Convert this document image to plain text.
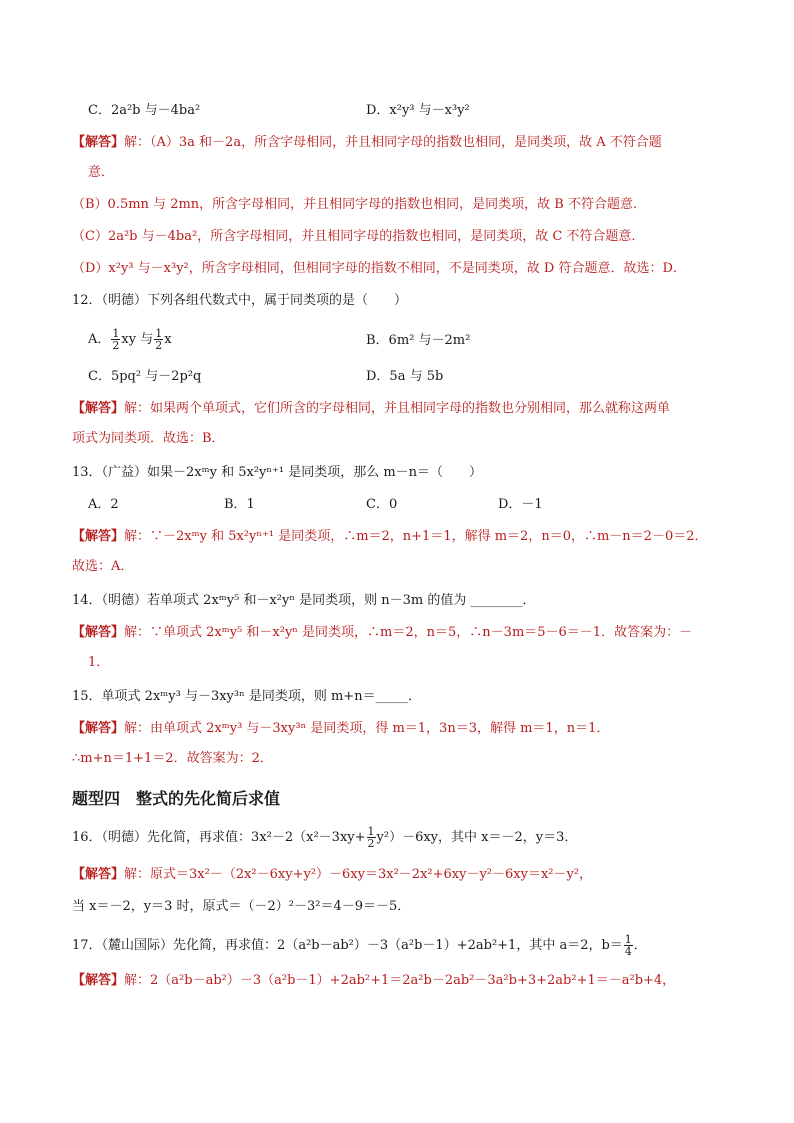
C．2a²b 与－4ba²	D．x²y³ 与－x³y²
【解答】解：（A）3a 和－2a，所含字母相同，并且相同字母的指数也相同，是同类项，故 A 不符合题
意．
（B）0.5mn 与 2mn，所含字母相同，并且相同字母的指数也相同，是同类项，故 B 不符合题意．
（C）2a²b 与－4ba²，所含字母相同，并且相同字母的指数也相同，是同类项，故 C 不符合题意．
（D）x²y³ 与－x³y²，所含字母相同，但相同字母的指数不相同，不是同类项，故 D 符合题意．故选：D．
12．（明德）下列各组代数式中，属于同类项的是（　　）
A． $\frac{1}{2}$ xy 与 $\frac{1}{2}$ x	B．6m² 与－2m²
C．5pq² 与－2p²q	D．5a 与 5b
【解答】解：如果两个单项式，它们所含的字母相同，并且相同字母的指数也分别相同，那么就称这两单
项式为同类项．故选：B．
13．（广益）如果－2xᵐy 和 5x²yⁿ⁺¹ 是同类项，那么 m－n＝（　　）
A．2	B．1	C．0	D．－1
【解答】解：∵－2xᵐy 和 5x²yⁿ⁺¹ 是同类项，∴m＝2，n+1＝1，解得 m＝2，n＝0，∴m－n＝2－0＝2．
故选：A．
14．（明德）若单项式 2xᵐy⁵ 和－x²yⁿ 是同类项，则 n－3m 的值为 ________．
【解答】解：∵单项式 2xᵐy⁵ 和－x²yⁿ 是同类项，∴m＝2，n＝5，∴n－3m＝5－6＝－1．故答案为：－
1．
15．单项式 2xᵐy³ 与－3xy³ⁿ 是同类项，则 m+n＝_____．
【解答】解：由单项式 2xᵐy³ 与－3xy³ⁿ 是同类项，得 m＝1，3n＝3，解得 m＝1，n＝1．
∴m+n＝1+1＝2．故答案为：2．
题型四　整式的先化简后求值
16．（明德）先化简，再求值：$3x^2-2(x^2-3xy+ \frac{1}{2} y^2)-6xy$，其中 x＝－2，y＝3．
【解答】解：原式＝3x²－（2x²－6xy+y²）－6xy＝3x²－2x²+6xy－y²－6xy＝x²－y²，
当 x＝－2，y＝3 时，原式＝（－2）²－3²＝4－9＝－5．
17．（麓山国际）先化简，再求值：2（a²b－ab²）－3（a²b－1）+2ab²+1，其中 a＝2，$b= \frac{1}{4}$ ．
【解答】解：2（a²b－ab²）－3（a²b－1）+2ab²+1＝2a²b－2ab²－3a²b+3+2ab²+1＝－a²b+4，
